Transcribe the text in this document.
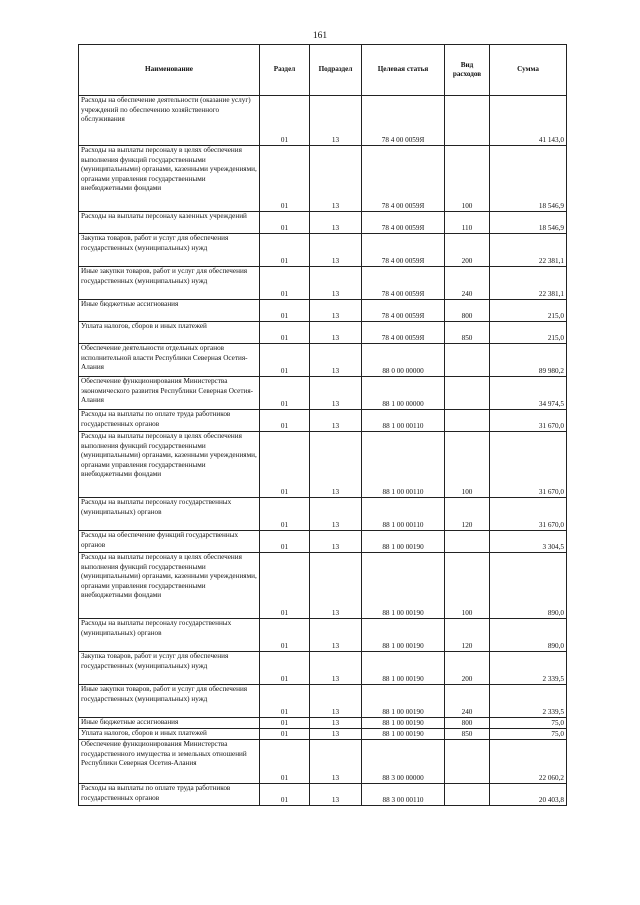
161
Наименование	Раздел	Подраздел	Целевая статья	Вид расходов	Сумма
Расходы на обеспечение деятельности (оказание услуг) учреждений по обеспечению хозяйственного обслуживания	01	13	78 4 00 0059Я		41 143,0
Расходы на выплаты персоналу в целях обеспечения выполнения функций государственными (муниципальными) органами, казенными учреждениями, органами управления государственными внебюджетными фондами	01	13	78 4 00 0059Я	100	18 546,9
Расходы на выплаты персоналу казенных учреждений	01	13	78 4 00 0059Я	110	18 546,9
Закупка товаров, работ и услуг для обеспечения государственных (муниципальных) нужд	01	13	78 4 00 0059Я	200	22 381,1
Иные закупки товаров, работ и услуг для обеспечения государственных (муниципальных) нужд	01	13	78 4 00 0059Я	240	22 381,1
Иные бюджетные ассигнования	01	13	78 4 00 0059Я	800	215,0
Уплата налогов, сборов и иных платежей	01	13	78 4 00 0059Я	850	215,0
Обеспечение деятельности отдельных органов исполнительной власти Республики Северная Осетия-Алания	01	13	88 0 00 00000		89 980,2
Обеспечение функционирования Министерства экономического развития Республики Северная Осетия-Алания	01	13	88 1 00 00000		34 974,5
Расходы на выплаты по оплате труда работников государственных органов	01	13	88 1 00 00110		31 670,0
Расходы на выплаты персоналу в целях обеспечения выполнения функций государственными (муниципальными) органами, казенными учреждениями, органами управления государственными внебюджетными фондами	01	13	88 1 00 00110	100	31 670,0
Расходы на выплаты персоналу государственных (муниципальных) органов	01	13	88 1 00 00110	120	31 670,0
Расходы на обеспечение функций государственных органов	01	13	88 1 00 00190		3 304,5
Расходы на выплаты персоналу в целях обеспечения выполнения функций государственными (муниципальными) органами, казенными учреждениями, органами управления государственными внебюджетными фондами	01	13	88 1 00 00190	100	890,0
Расходы на выплаты персоналу государственных (муниципальных) органов	01	13	88 1 00 00190	120	890,0
Закупка товаров, работ и услуг для обеспечения государственных (муниципальных) нужд	01	13	88 1 00 00190	200	2 339,5
Иные закупки товаров, работ и услуг для обеспечения государственных (муниципальных) нужд	01	13	88 1 00 00190	240	2 339,5
Иные бюджетные ассигнования	01	13	88 1 00 00190	800	75,0
Уплата налогов, сборов и иных платежей	01	13	88 1 00 00190	850	75,0
Обеспечение функционирования Министерства государственного имущества и земельных отношений Республики Северная Осетия-Алания	01	13	88 3 00 00000		22 060,2
Расходы на выплаты по оплате труда работников государственных органов	01	13	88 3 00 00110		20 403,8
